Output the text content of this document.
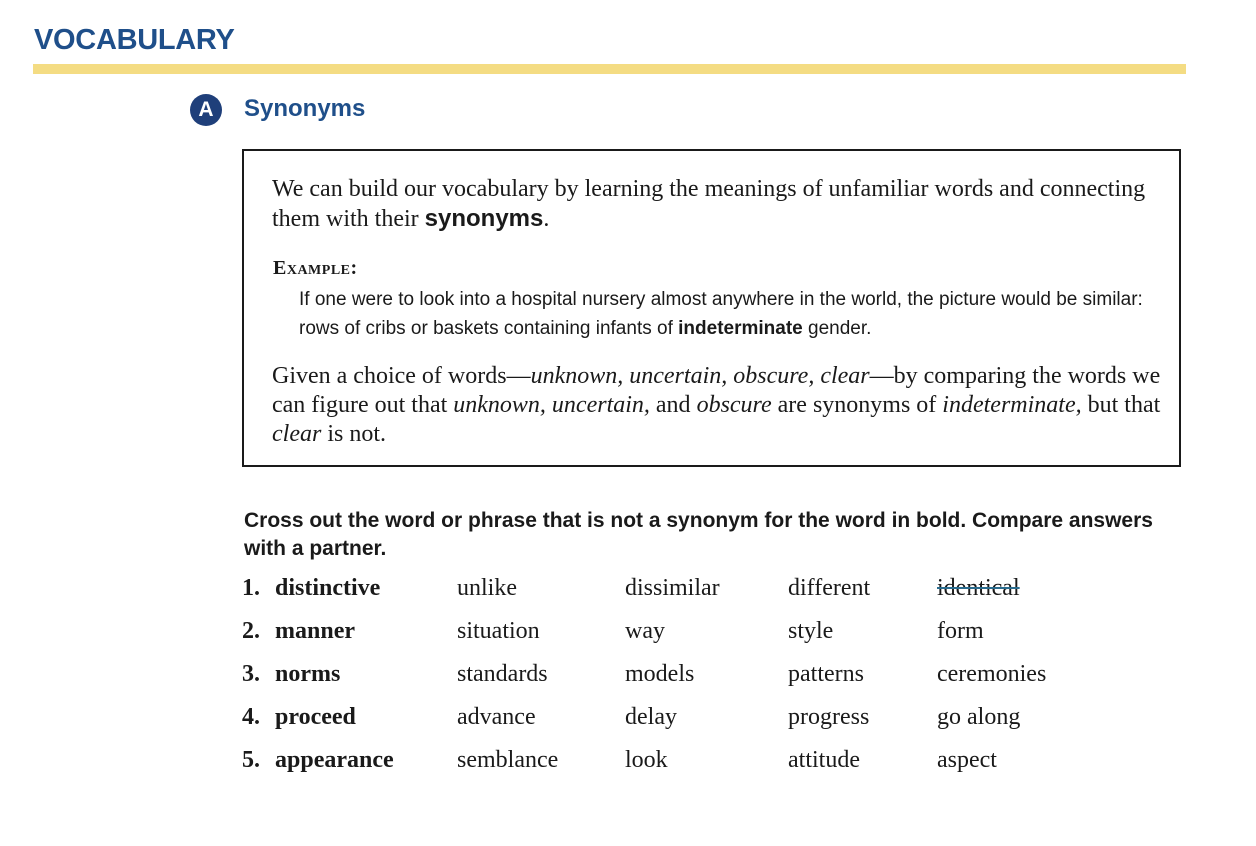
VOCABULARY
A	Synonyms

We can build our vocabulary by learning the meanings of unfamiliar words and connecting them with their synonyms.

Example:

If one were to look into a hospital nursery almost anywhere in the world, the picture would be similar: rows of cribs or baskets containing infants of indeterminate gender.

Given a choice of words—unknown, uncertain, obscure, clear—by comparing the words we can figure out that unknown, uncertain, and obscure are synonyms of indeterminate, but that clear is not.

Cross out the word or phrase that is not a synonym for the word in bold. Compare answers with a partner.

1. distinctive	unlike	dissimilar	different	identical
2. manner	situation	way	style	form
3. norms	standards	models	patterns	ceremonies
4. proceed	advance	delay	progress	go along
5. appearance	semblance	look	attitude	aspect
